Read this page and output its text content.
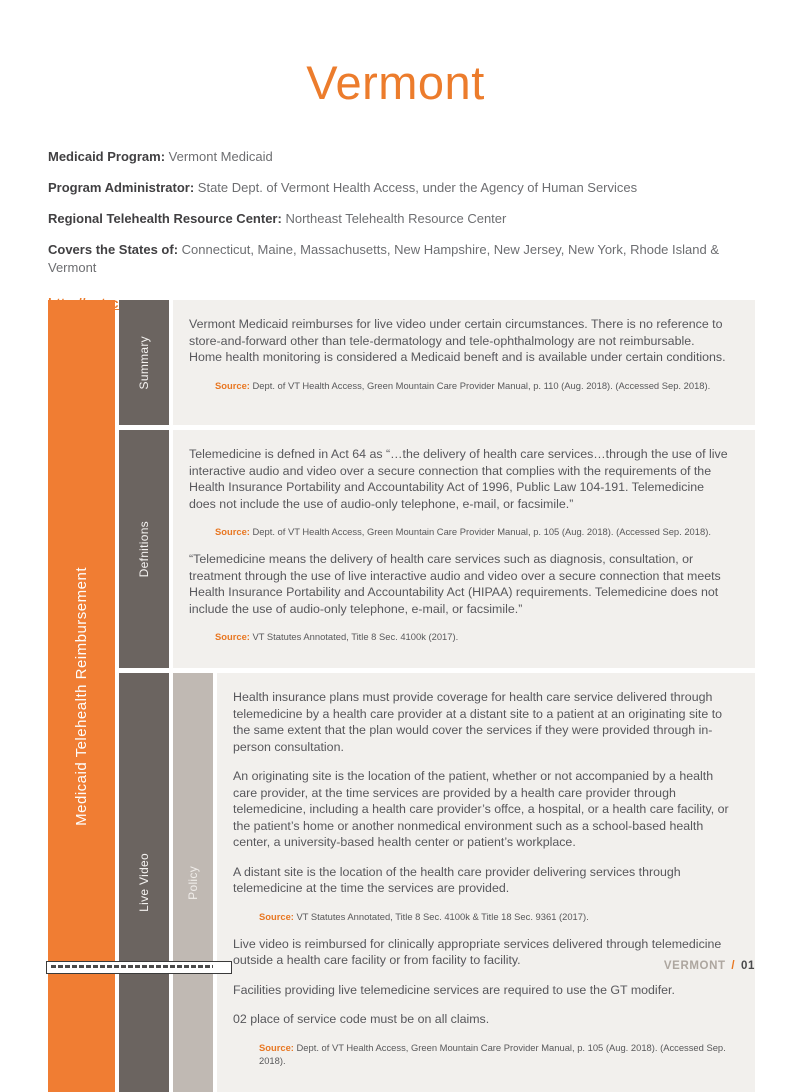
Vermont
Medicaid Program: Vermont Medicaid
Program Administrator: State Dept. of Vermont Health Access, under the Agency of Human Services
Regional Telehealth Resource Center: Northeast Telehealth Resource Center
Covers the States of: Connecticut, Maine, Massachusetts, New Hampshire, New Jersey, New York, Rhode Island & Vermont
Medicaid Telehealth Reimbursement
Summary

Vermont Medicaid reimburses for live video under certain circumstances. There is no reference to store-and-forward other than tele-dermatology and tele-ophthalmology are not reimbursable. Home health monitoring is considered a Medicaid beneft and is available under certain conditions.

Source: Dept. of VT Health Access, Green Mountain Care Provider Manual, p. 110 (Aug. 2018). (Accessed Sep. 2018).
Defnitions

Telemedicine is defned in Act 64 as “…the delivery of health care services…through the use of live interactive audio and video over a secure connection that complies with the requirements of the Health Insurance Portability and Accountability Act of 1996, Public Law 104-191. Telemedicine does not include the use of audio-only telephone, e-mail, or facsimile.”

Source: Dept. of VT Health Access, Green Mountain Care Provider Manual, p. 105 (Aug. 2018). (Accessed Sep. 2018).

“Telemedicine means the delivery of health care services such as diagnosis, consultation, or treatment through the use of live interactive audio and video over a secure connection that meets Health Insurance Portability and Accountability Act (HIPAA) requirements. Telemedicine does not include the use of audio-only telephone, e-mail, or facsimile.”

Source: VT Statutes Annotated, Title 8 Sec. 4100k (2017).
Live Video	Policy

Health insurance plans must provide coverage for health care service delivered through telemedicine by a health care provider at a distant site to a patient at an originating site to the same extent that the plan would cover the services if they were provided through in-person consultation.

An originating site is the location of the patient, whether or not accompanied by a health care provider, at the time services are provided by a health care provider through telemedicine, including a health care provider’s offce, a hospital, or a health care facility, or the patient’s home or another nonmedical environment such as a school-based health center, a university-based health center or patient’s workplace.

A distant site is the location of the health care provider delivering services through telemedicine at the time the services are provided.

Source: VT Statutes Annotated, Title 8 Sec. 4100k & Title 18 Sec. 9361 (2017).

Live video is reimbursed for clinically appropriate services delivered through telemedicine outside a health care facility or from facility to facility.

Facilities providing live telemedicine services are required to use the GT modifer.

02 place of service code must be on all claims.

Source: Dept. of VT Health Access, Green Mountain Care Provider Manual, p. 105 (Aug. 2018). (Accessed Sep. 2018).
VERMONT / 01
